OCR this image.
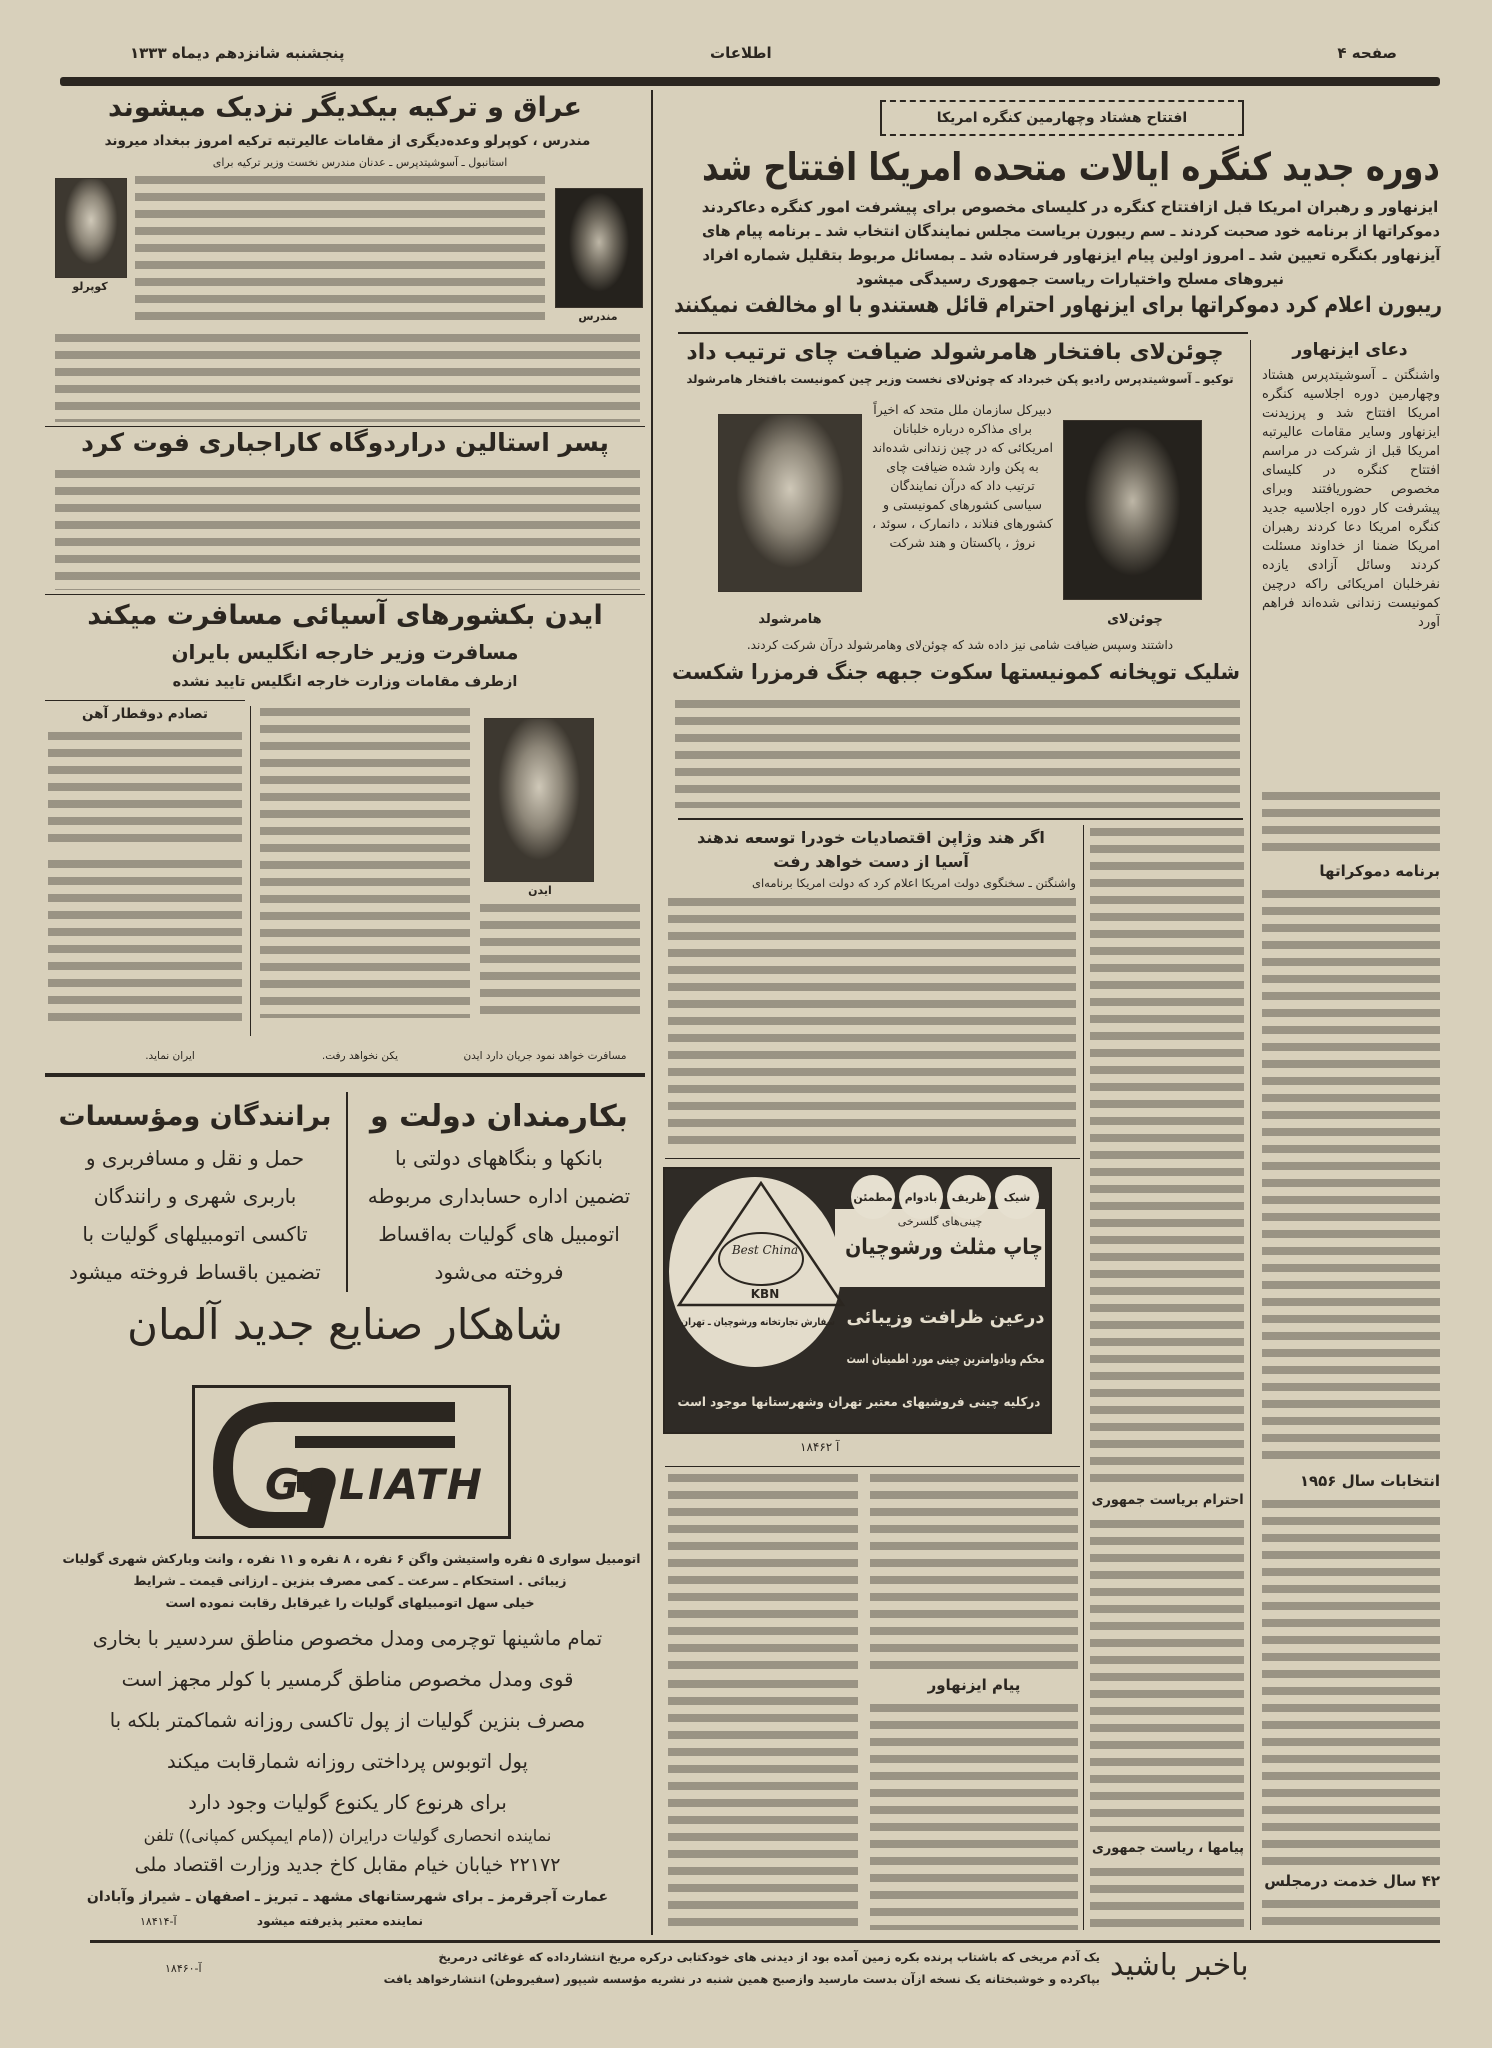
صفحه ۴
اطلاعات
پنجشنبه شانزدهم دیماه ۱۳۳۳
افتتاح هشتاد وچهارمین کنگره امریکا
دوره جدید کنگره ایالات متحده امریکا افتتاح شد
ایزنهاور و رهبران امریکا قبل ازافتتاح کنگره در کلیسای مخصوص برای پیشرفت امور کنگره دعاکردند
دموکراتها از برنامه خود صحبت کردند ـ سم ریبورن بریاست مجلس نمایندگان انتخاب شد ـ برنامه پیام های
آیزنهاور بکنگره تعیین شد ـ امروز اولین پیام ایزنهاور فرستاده شد ـ بمسائل مربوط بتقلیل شماره افراد
نیروهای مسلح واختیارات ریاست جمهوری رسیدگی میشود
ریبورن اعلام کرد دموکراتها برای ایزنهاور احترام قائل هستندو با او مخالفت نمیکنند
دعای ایزنهاور
واشنگتن ـ آسوشیتدپرس هشتاد وچهارمین دوره اجلاسیه کنگره امریکا افتتاح شد و پرزیدنت ایزنهاور وسایر مقامات عالیرتبه امریکا قبل از شرکت در مراسم افتتاح کنگره در کلیسای مخصوص حضوریافتند وبرای پیشرفت کار دوره اجلاسیه جدید کنگره امریکا دعا کردند رهبران امریکا ضمنا از خداوند مسئلت کردند وسائل آزادی یازده نفرخلبان امریکائی راکه درچین کمونیست زندانی شده‌اند فراهم آورد
برنامه دموکراتها
انتخابات سال ۱۹۵۶
۴۲ سال خدمت درمجلس
چوئن‌لای بافتخار هامرشولد ضیافت چای ترتیب داد
توکیو ـ آسوشیتدپرس رادیو پکن خبرداد که چوئن‌لای نخست وزیر چین کمونیست بافتخار هامرشولد
دبیرکل سازمان ملل متحد که اخیراً برای مذاکره درباره خلبانان امریکائی که در چین زندانی شده‌اند به پکن وارد شده ضیافت چای ترتیب داد که درآن نمایندگان سیاسی کشورهای کمونیستی و کشورهای فنلاند ، دانمارک ، سوئد ، نروژ ، پاکستان و هند شرکت
چوئن‌لای
هامرشولد
داشتند وسپس ضیافت شامی نیز داده شد که چوئن‌لای وهامرشولد درآن شرکت کردند.
شلیک توپخانه کمونیستها سکوت جبهه جنگ فرمزرا شکست
اگر هند وژاپن اقتصادیات خودرا توسعه ندهند
آسیا از دست خواهد رفت
واشنگتن ـ سخنگوی دولت امریکا اعلام کرد که دولت امریکا برنامه‌ای
Best China
KBN
سفارش تجارتخانه ورشوچیان ـ تهران
شیک
ظریف
بادوام
مطمئن
چینی‌های گلسرخی
چاپ مثلث ورشوچیان
درعین ظرافت وزیبائی
محکم وبادوامترین چینی مورد اطمینان است
درکلیه چینی فروشیهای معتبر تهران وشهرستانها موجود است
آ ۱۸۴۶۲
پیام ایزنهاور
احترام بریاست جمهوری
پیامها ، ریاست جمهوری
عراق و ترکیه بیکدیگر نزدیک میشوند
مندرس ، کوپرلو وعده‌دیگری از مقامات عالیرتبه ترکیه امروز ببغداد میروند
استانبول ـ آسوشیتدپرس ـ عدنان مندرس نخست وزیر ترکیه برای
کوپرلو
مندرس
پسر استالین دراردوگاه کاراجباری فوت کرد
ایدن بکشورهای آسیائی مسافرت میکند
مسافرت وزیر خارجه انگلیس بایران
ازطرف مقامات وزارت خارجه انگلیس تایید نشده
تصادم دوقطار آهن
ایدن
مسافرت خواهد نمود جریان دارد ایدن
یکن نخواهد رفت.
ایران نماید.
بکارمندان دولت و
بانکها و بنگاههای دولتی با
تضمین اداره حسابداری مربوطه
اتومبیل های گولیات به‌اقساط
فروخته می‌شود
برانندگان ومؤسسات
حمل و نقل و مسافربری و
باربری شهری و رانندگان
تاکسی اتومبیلهای گولیات با
تضمین باقساط فروخته میشود
شاهکار صنایع جدید آلمان
GOLIATH
اتومبیل سواری ۵ نفره واستیشن واگن ۶ نفره ، ۸ نفره و ۱۱ نفره ، وانت وبارکش شهری گولیات
زیبائی . استحکام ـ سرعت ـ کمی مصرف بنزین ـ ارزانی قیمت ـ شرایط
خیلی سهل اتومبیلهای گولیات را غیرقابل رقابت نموده است
تمام ماشینها توچرمی ومدل مخصوص مناطق سردسیر با بخاری
قوی ومدل مخصوص مناطق گرمسیر با کولر مجهز است
مصرف بنزین گولیات از پول تاکسی روزانه شماکمتر بلکه با
پول اتوبوس پرداختی روزانه شمارقابت میکند
برای هرنوع کار یکنوع گولیات وجود دارد
نماینده انحصاری گولیات درایران ((مام ایمپکس کمپانی)) تلفن
۲۲۱۷۲ خیابان خیام مقابل کاخ جدید وزارت اقتصاد ملی
عمارت آجرقرمز ـ برای شهرستانهای مشهد ـ تبریز ـ اصفهان ـ شیراز وآبادان
آ-۱۸۴۱۴	نماینده معتبر پذیرفته میشود
باخبر باشید
یک آدم مریخی که باشتاب پرنده بکره زمین آمده بود از دیدنی های خودکتابی درکره مریخ انتشارداده که غوغائی درمریخ
بپاکرده و خوشبختانه یک نسخه ازآن بدست مارسید وازصبح همین شنبه در نشریه مؤسسه شیپور (سفیروطن) انتشارخواهد یافت
آ-۱۸۴۶۰
